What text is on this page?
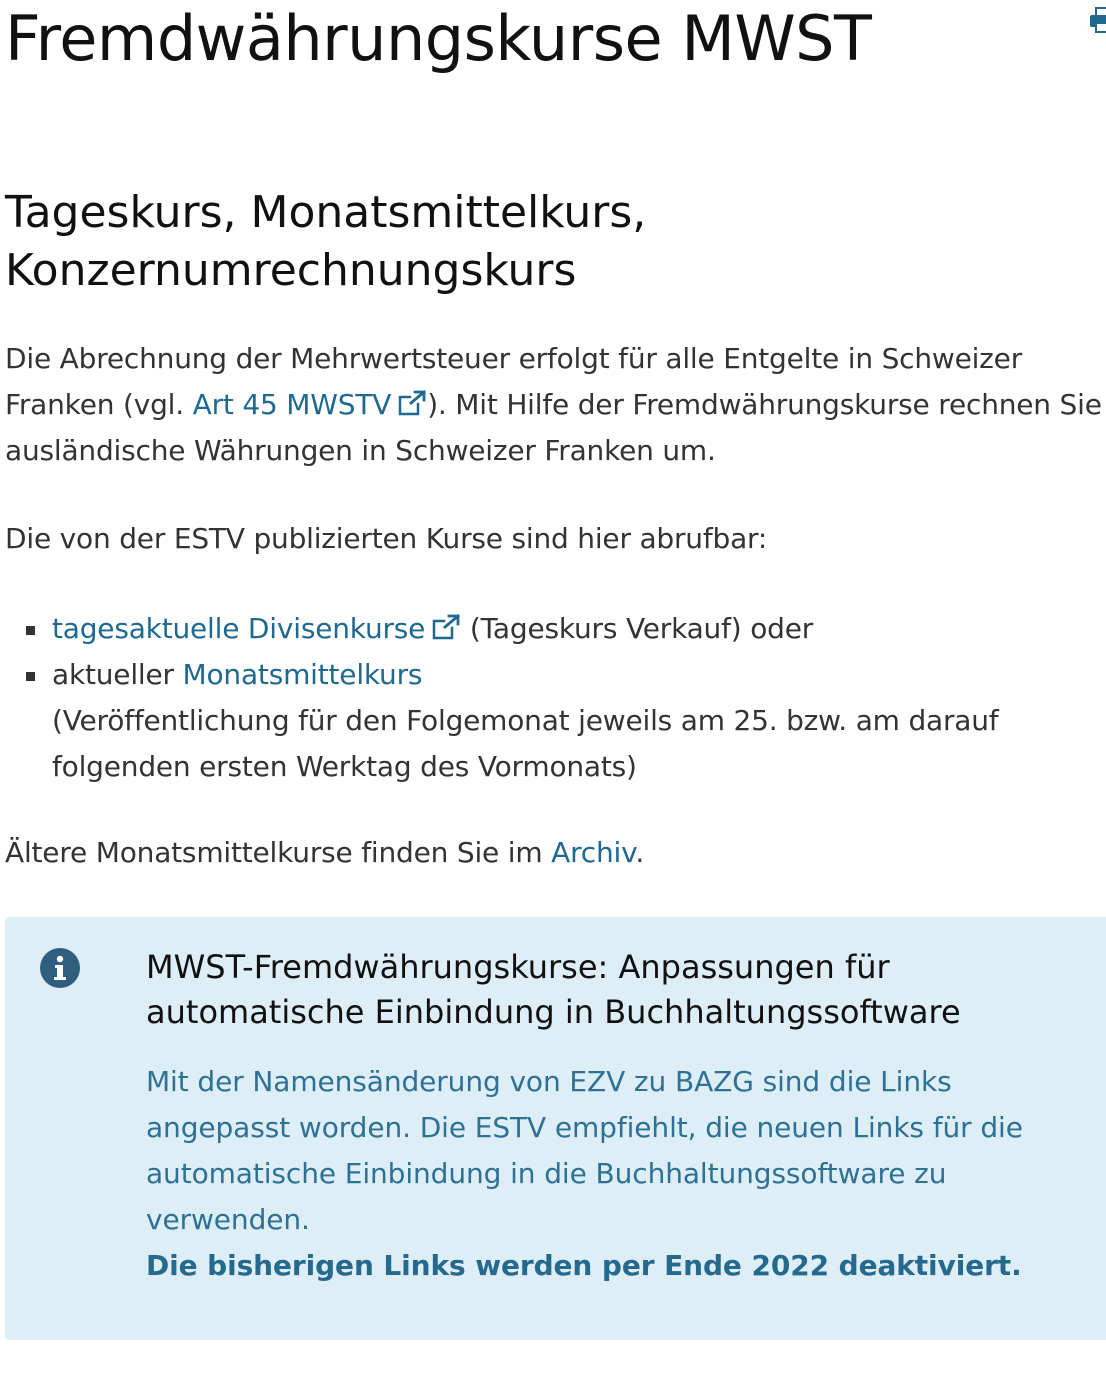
Fremdwährungskurse MWST
Tageskurs, Monatsmittelkurs, Konzernumrechnungskurs

Die Abrechnung der Mehrwertsteuer erfolgt für alle Entgelte in Schweizer Franken (vgl. Art 45 MWSTV ). Mit Hilfe der Fremdwährungskurse rechnen Sie ausländische Währungen in Schweizer Franken um.

Die von der ESTV publizierten Kurse sind hier abrufbar:

tagesaktuelle Divisenkurse (Tageskurs Verkauf) oder
aktueller Monatsmittelkurs
(Veröffentlichung für den Folgemonat jeweils am 25. bzw. am darauf folgenden ersten Werktag des Vormonats)

Ältere Monatsmittelkurse finden Sie im Archiv.

MWST-Fremdwährungskurse: Anpassungen für automatische Einbindung in Buchhaltungssoftware

Mit der Namensänderung von EZV zu BAZG sind die Links angepasst worden. Die ESTV empfiehlt, die neuen Links für die automatische Einbindung in die Buchhaltungssoftware zu verwenden.
Die bisherigen Links werden per Ende 2022 deaktiviert.
